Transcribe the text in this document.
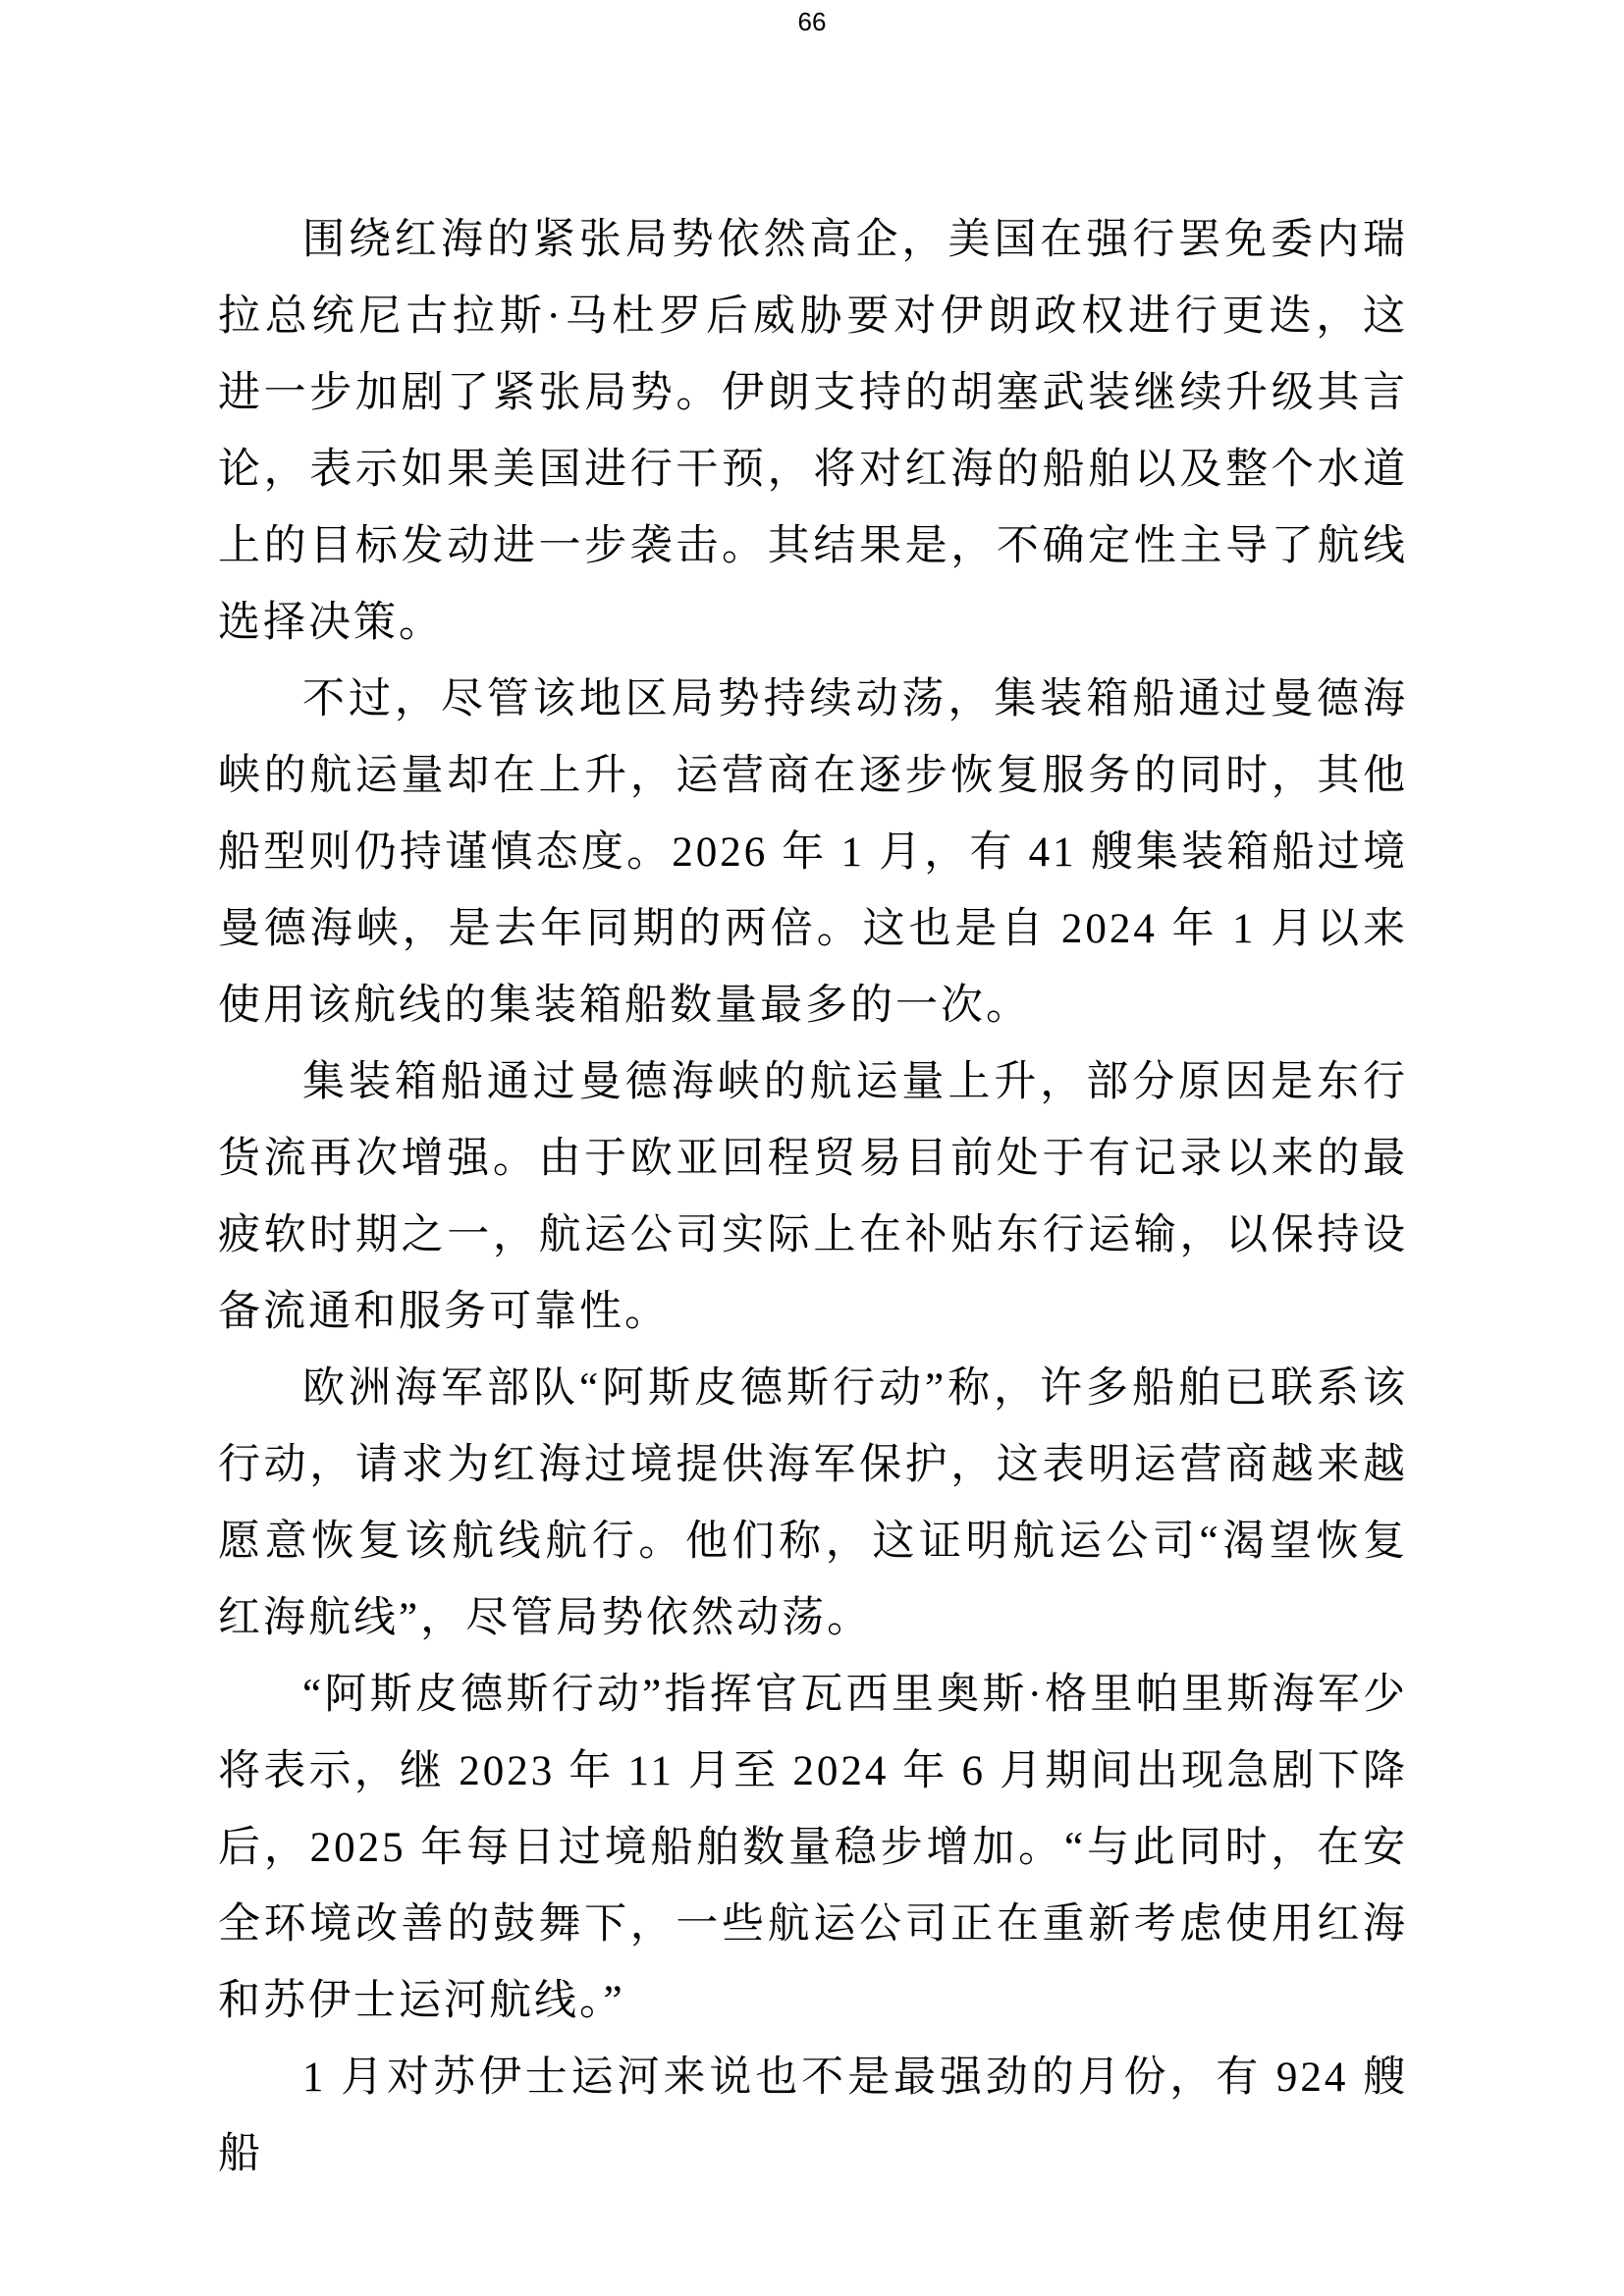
66

围绕红海的紧张局势依然高企，美国在强行罢免委内瑞拉总统尼古拉斯·马杜罗后威胁要对伊朗政权进行更迭，这进一步加剧了紧张局势。伊朗支持的胡塞武装继续升级其言论，表示如果美国进行干预，将对红海的船舶以及整个水道上的目标发动进一步袭击。其结果是，不确定性主导了航线选择决策。

不过，尽管该地区局势持续动荡，集装箱船通过曼德海峡的航运量却在上升，运营商在逐步恢复服务的同时，其他船型则仍持谨慎态度。2026 年 1 月，有 41 艘集装箱船过境曼德海峡，是去年同期的两倍。这也是自 2024 年 1 月以来使用该航线的集装箱船数量最多的一次。

集装箱船通过曼德海峡的航运量上升，部分原因是东行货流再次增强。由于欧亚回程贸易目前处于有记录以来的最疲软时期之一，航运公司实际上在补贴东行运输，以保持设备流通和服务可靠性。

欧洲海军部队“阿斯皮德斯行动”称，许多船舶已联系该行动，请求为红海过境提供海军保护，这表明运营商越来越愿意恢复该航线航行。他们称，这证明航运公司“渴望恢复红海航线”，尽管局势依然动荡。

“阿斯皮德斯行动”指挥官瓦西里奥斯·格里帕里斯海军少将表示，继 2023 年 11 月至 2024 年 6 月期间出现急剧下降后，2025 年每日过境船舶数量稳步增加。“与此同时，在安全环境改善的鼓舞下，一些航运公司正在重新考虑使用红海和苏伊士运河航线。”

1 月对苏伊士运河来说也不是最强劲的月份，有 924 艘船
